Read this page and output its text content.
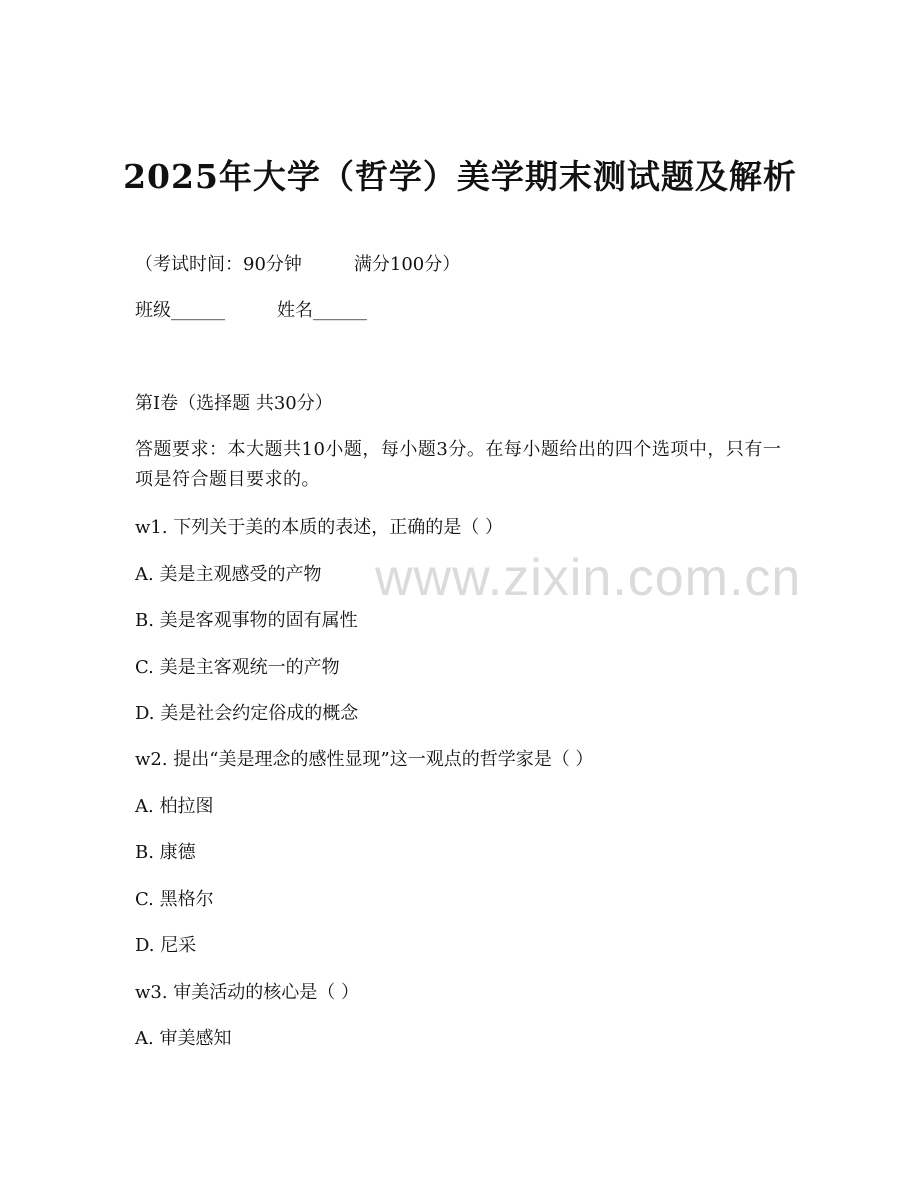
2025年大学（哲学）美学期末测试题及解析
（考试时间：90分钟	满分100分）
班级______	姓名______
第I卷（选择题 共30分）
答题要求：本大题共10小题，每小题3分。在每小题给出的四个选项中，只有一项是符合题目要求的。
w1. 下列关于美的本质的表述，正确的是（ ）
A. 美是主观感受的产物
B. 美是客观事物的固有属性
C. 美是主客观统一的产物
D. 美是社会约定俗成的概念
w2. 提出“美是理念的感性显现”这一观点的哲学家是（ ）
A. 柏拉图
B. 康德
C. 黑格尔
D. 尼采
w3. 审美活动的核心是（ ）
A. 审美感知
www.zixin.com.cn
